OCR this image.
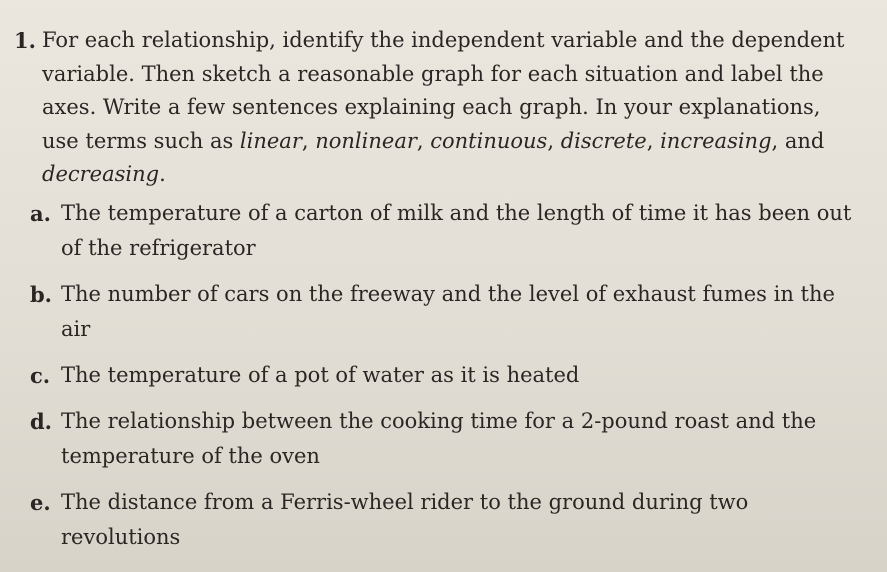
1. For each relationship, identify the independent variable and the dependent variable. Then sketch a reasonable graph for each situation and label the axes. Write a few sentences explaining each graph. In your explanations, use terms such as linear, nonlinear, continuous, discrete, increasing, and decreasing.
a. The temperature of a carton of milk and the length of time it has been out of the refrigerator
b. The number of cars on the freeway and the level of exhaust fumes in the air
c. The temperature of a pot of water as it is heated
d. The relationship between the cooking time for a 2-pound roast and the temperature of the oven
e. The distance from a Ferris-wheel rider to the ground during two revolutions
